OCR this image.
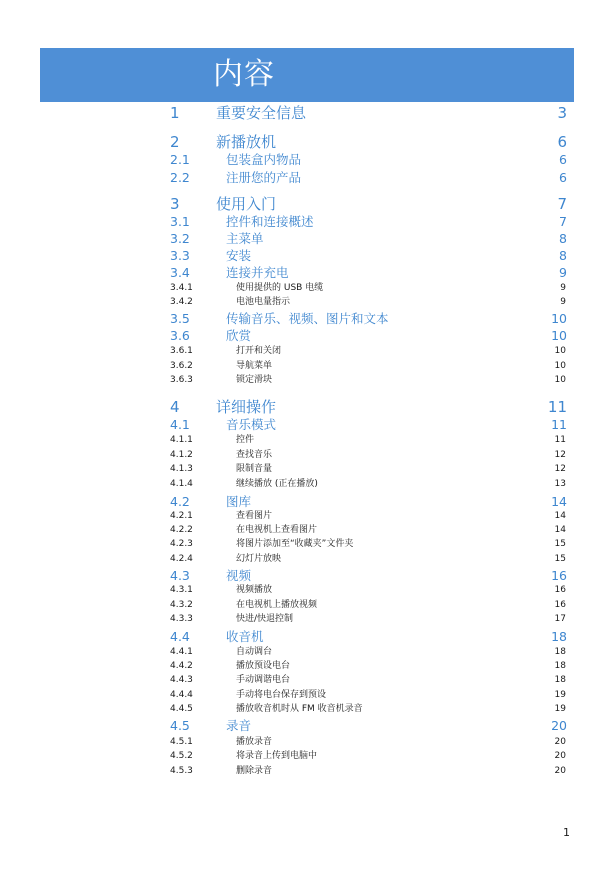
内容
1 重要安全信息	3
2 新播放机	6
2.1	包装盒内物品	6
2.2	注册您的产品	6
3 使用入门	7
3.1	控件和连接概述	7
3.2	主菜单	8
3.3	安装	8
3.4	连接并充电	9
3.4.1	使用提供的 USB 电缆	9
3.4.2	电池电量指示	9
3.5	传输音乐、视频、图片和文本	10
3.6	欣赏	10
3.6.1	打开和关闭	10
3.6.2	导航菜单	10
3.6.3	锁定滑块	10
4 详细操作	11
4.1	音乐模式	11
4.1.1	控件	11
4.1.2	查找音乐	12
4.1.3	限制音量	12
4.1.4	继续播放 (正在播放)	13
4.2	图库	14
4.2.1	查看图片	14
4.2.2	在电视机上查看图片	14
4.2.3	将图片添加至“收藏夹”文件夹	15
4.2.4	幻灯片放映	15
4.3	视频	16
4.3.1	视频播放	16
4.3.2	在电视机上播放视频	16
4.3.3	快进/快退控制	17
4.4	收音机	18
4.4.1	自动调台	18
4.4.2	播放预设电台	18
4.4.3	手动调谐电台	18
4.4.4	手动将电台保存到预设	19
4.4.5	播放收音机时从 FM 收音机录音	19
4.5	录音	20
4.5.1	播放录音	20
4.5.2	将录音上传到电脑中	20
4.5.3	删除录音	20
1
